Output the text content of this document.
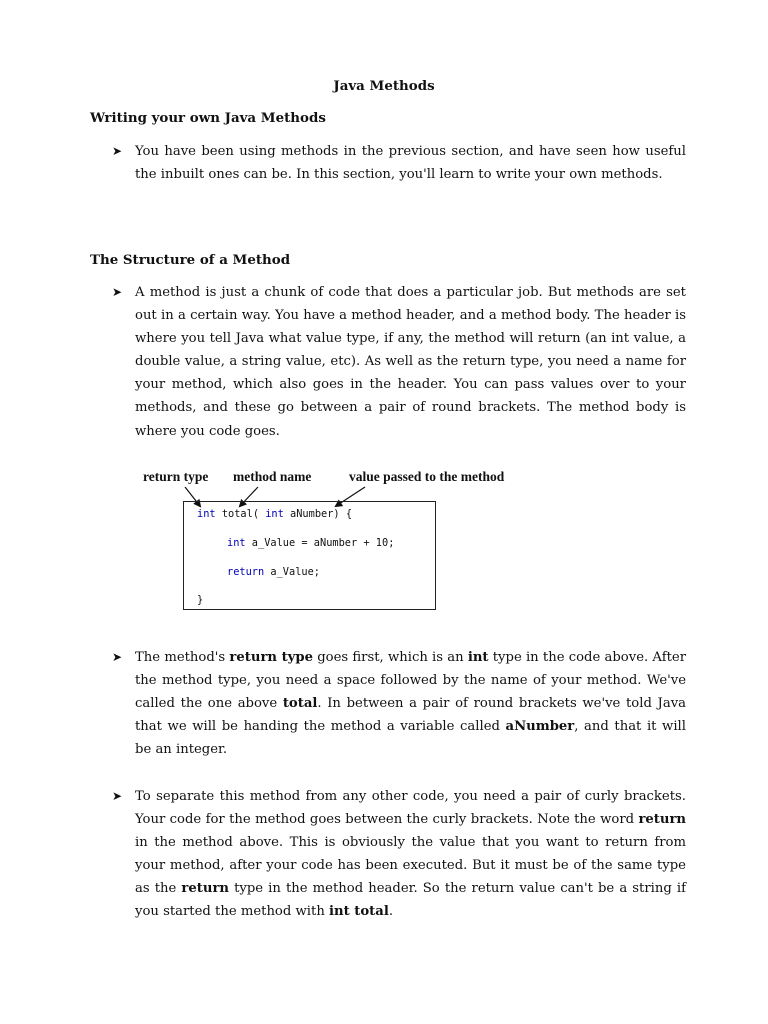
Java Methods
Writing your own Java Methods
➤ You have been using methods in the previous section, and have seen how useful the inbuilt ones can be. In this section, you'll learn to write your own methods.

The Structure of a Method
➤ A method is just a chunk of code that does a particular job. But methods are set out in a certain way. You have a method header, and a method body. The header is where you tell Java what value type, if any, the method will return (an int value, a double value, a string value, etc). As well as the return type, you need a name for your method, which also goes in the header. You can pass values over to your methods, and these go between a pair of round brackets. The method body is where you code goes.

return type method name	value passed to the method
int total( int aNumber) {
int a_Value = aNumber + 10;
return a_Value;
}
➤ The method's return type goes first, which is an int type in the code above. After the method type, you need a space followed by the name of your method. We've called the one above total. In between a pair of round brackets we've told Java that we will be handing the method a variable called aNumber, and that it will be an integer.

➤ To separate this method from any other code, you need a pair of curly brackets. Your code for the method goes between the curly brackets. Note the word return in the method above. This is obviously the value that you want to return from your method, after your code has been executed. But it must be of the same type as the return type in the method header. So the return value can't be a string if you started the method with int total.
